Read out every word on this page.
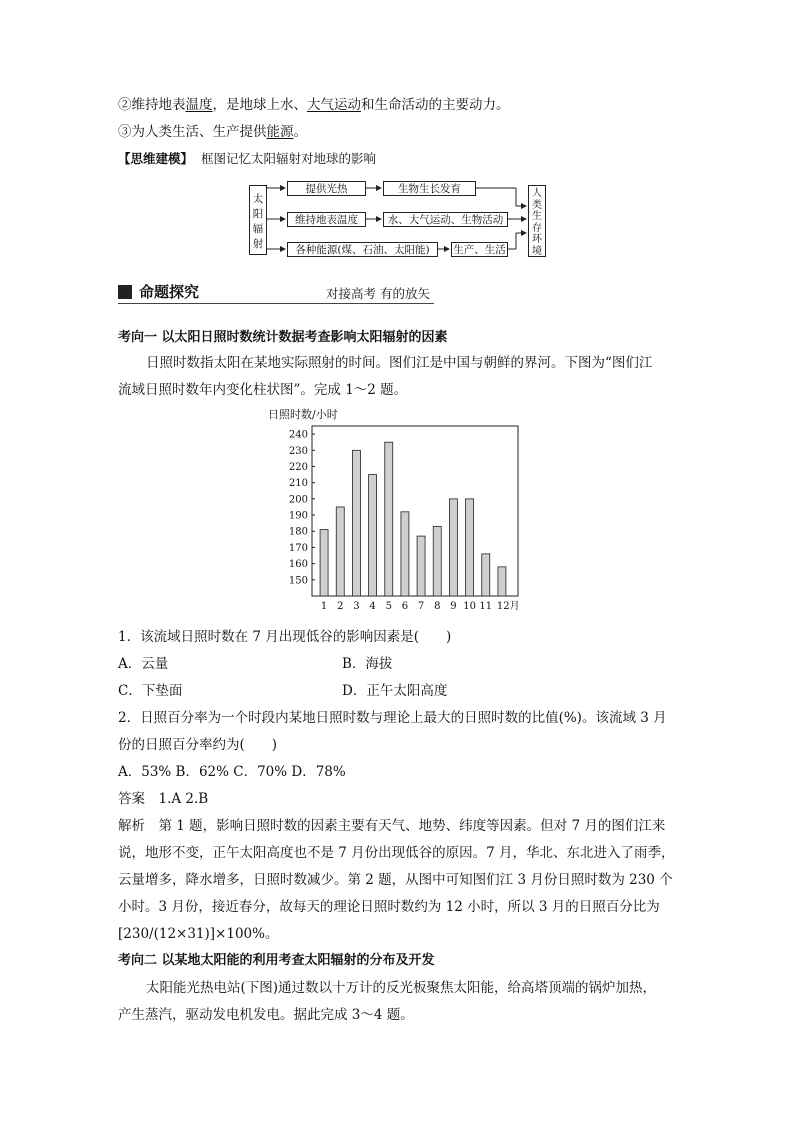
②维持地表温度，是地球上水、大气运动和生命活动的主要动力。
③为人类生活、生产提供能源。
【思维建模】 框图记忆太阳辐射对地球的影响
太
阳
辐
射
人
类
生
存
环
境
提供光热	生物生长发育
维持地表温度	水、大气运动、生物活动
各种能源(煤、石油、太阳能)	生产、生活
命题探究	对接高考 有的放矢
考向一 以太阳日照时数统计数据考查影响太阳辐射的因素
日照时数指太阳在某地实际照射的时间。图们江是中国与朝鲜的界河。下图为“图们江
流域日照时数年内变化柱状图”。完成 1～2 题。
日照时数/小时
150
160
170
180
190
200
210
220
230
240
1 2 3 4 5 6 7 8 9 10 11 12月
1．该流域日照时数在 7 月出现低谷的影响因素是(　　)
A．云量	B．海拔
C．下垫面	D．正午太阳高度
2．日照百分率为一个时段内某地日照时数与理论上最大的日照时数的比值(%)。该流域 3 月
份的日照百分率约为(　　)
A．53% B．62% C．70% D．78%
答案　1.A 2.B
解析　第 1 题，影响日照时数的因素主要有天气、地势、纬度等因素。但对 7 月的图们江来
说，地形不变，正午太阳高度也不是 7 月份出现低谷的原因。7 月，华北、东北进入了雨季，
云量增多，降水增多，日照时数减少。第 2 题，从图中可知图们江 3 月份日照时数为 230 个
小时。3 月份，接近春分，故每天的理论日照时数约为 12 小时，所以 3 月的日照百分比为
[230/(12×31)]×100%。
考向二 以某地太阳能的利用考查太阳辐射的分布及开发
太阳能光热电站(下图)通过数以十万计的反光板聚焦太阳能，给高塔顶端的锅炉加热，
产生蒸汽，驱动发电机发电。据此完成 3～4 题。
